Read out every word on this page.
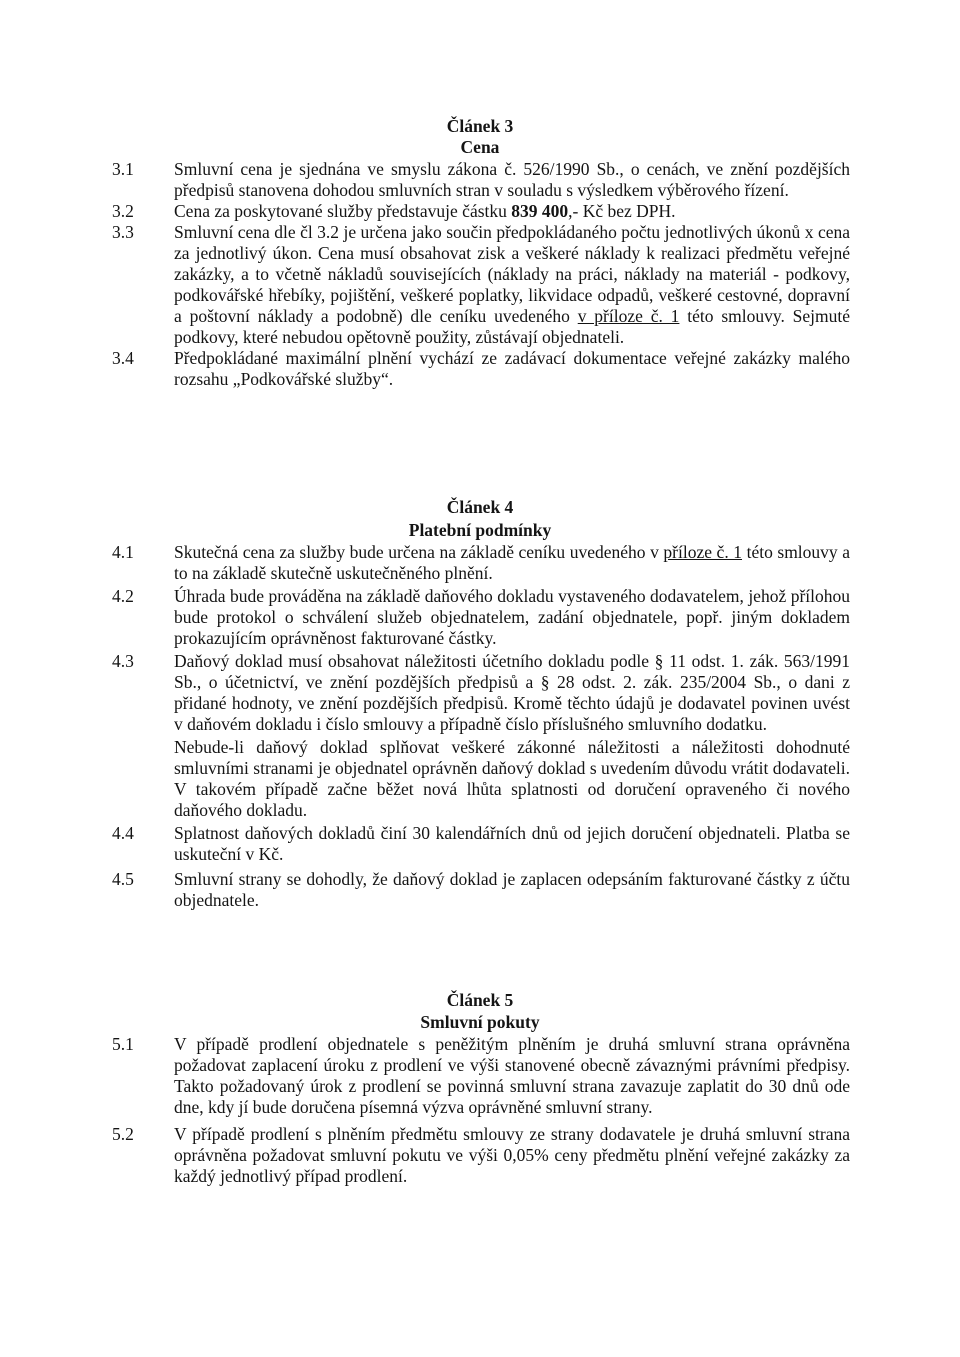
Článek 3
Cena
3.1 Smluvní cena je sjednána ve smyslu zákona č. 526/1990 Sb., o cenách, ve znění pozdějších předpisů stanovena dohodou smluvních stran v souladu s výsledkem výběrového řízení.
3.2 Cena za poskytované služby představuje částku 839 400,- Kč bez DPH.
3.3 Smluvní cena dle čl 3.2 je určena jako součin předpokládaného počtu jednotlivých úkonů x cena za jednotlivý úkon. Cena musí obsahovat zisk a veškeré náklady k realizaci předmětu veřejné zakázky, a to včetně nákladů souvisejících (náklady na práci, náklady na materiál - podkovy, podkovářské hřebíky, pojištění, veškeré poplatky, likvidace odpadů, veškeré cestovné, dopravní a poštovní náklady a podobně) dle ceníku uvedeného v příloze č. 1 této smlouvy. Sejmuté podkovy, které nebudou opětovně použity, zůstávají objednateli.
3.4 Předpokládané maximální plnění vychází ze zadávací dokumentace veřejné zakázky malého rozsahu „Podkovářské služby“.
Článek 4
Platební podmínky
4.1 Skutečná cena za služby bude určena na základě ceníku uvedeného v příloze č. 1 této smlouvy a to na základě skutečně uskutečněného plnění.
4.2 Úhrada bude prováděna na základě daňového dokladu vystaveného dodavatelem, jehož přílohou bude protokol o schválení služeb objednatelem, zadání objednatele, popř. jiným dokladem prokazujícím oprávněnost fakturované částky.
4.3 Daňový doklad musí obsahovat náležitosti účetního dokladu podle § 11 odst. 1. zák. 563/1991 Sb., o účetnictví, ve znění pozdějších předpisů a § 28 odst. 2. zák. 235/2004 Sb., o dani z přidané hodnoty, ve znění pozdějších předpisů. Kromě těchto údajů je dodavatel povinen uvést v daňovém dokladu i číslo smlouvy a případně číslo příslušného smluvního dodatku.
Nebude-li daňový doklad splňovat veškeré zákonné náležitosti a náležitosti dohodnuté smluvními stranami je objednatel oprávněn daňový doklad s uvedením důvodu vrátit dodavateli. V takovém případě začne běžet nová lhůta splatnosti od doručení opraveného či nového daňového dokladu.
4.4 Splatnost daňových dokladů činí 30 kalendářních dnů od jejich doručení objednateli. Platba se uskuteční v Kč.
4.5 Smluvní strany se dohodly, že daňový doklad je zaplacen odepsáním fakturované částky z účtu objednatele.
Článek 5
Smluvní pokuty
5.1 V případě prodlení objednatele s peněžitým plněním je druhá smluvní strana oprávněna požadovat zaplacení úroku z prodlení ve výši stanovené obecně závaznými právními předpisy. Takto požadovaný úrok z prodlení se povinná smluvní strana zavazuje zaplatit do 30 dnů ode dne, kdy jí bude doručena písemná výzva oprávněné smluvní strany.
5.2 V případě prodlení s plněním předmětu smlouvy ze strany dodavatele je druhá smluvní strana oprávněna požadovat smluvní pokutu ve výši 0,05% ceny předmětu plnění veřejné zakázky za každý jednotlivý případ prodlení.
